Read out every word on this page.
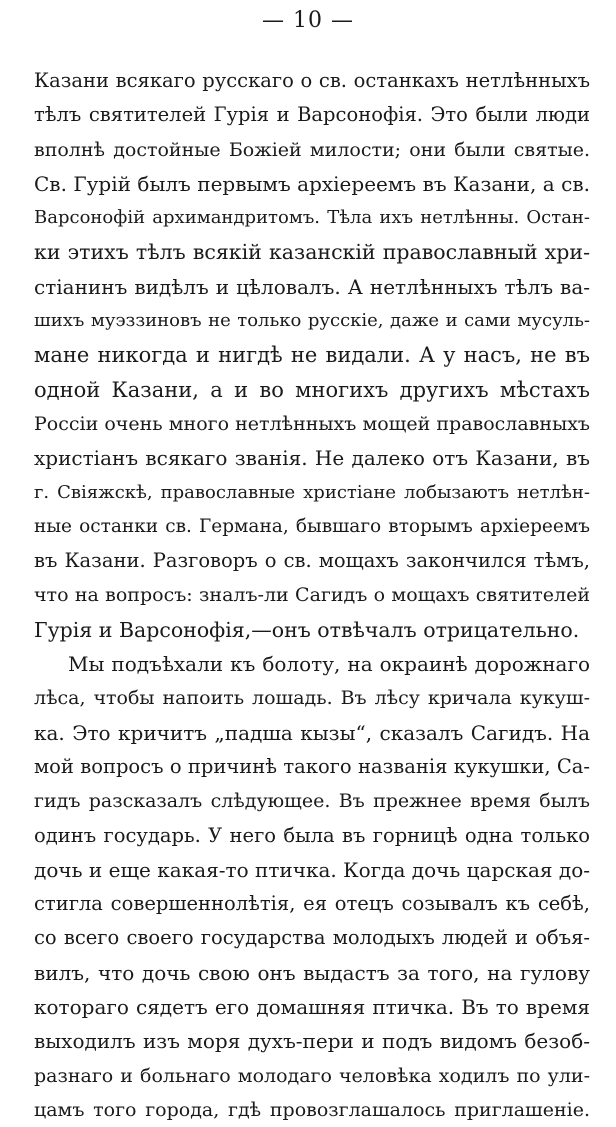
— 10 —
Казани всякаго русскаго о св. останкахъ нетлѣнныхъ
тѣлъ святителей Гурія и Варсонофія. Это были люди
вполнѣ достойные Божіей милости; они были святые.
Св. Гурій былъ первымъ архіереемъ въ Казани, а св.
Варсонофій архимандритомъ. Тѣла ихъ нетлѣнны. Остан-
ки этихъ тѣлъ всякій казанскій православный хри-
стіанинъ видѣлъ и цѣловалъ. А нетлѣнныхъ тѣлъ ва-
шихъ муэззиновъ не только русскіе, даже и сами мусуль-
мане никогда и нигдѣ не видали. А у насъ, не въ
одной Казани, а и во многихъ другихъ мѣстахъ
Россіи очень много нетлѣнныхъ мощей православныхъ
христіанъ всякаго званія. Не далеко отъ Казани, въ
г. Свіяжскѣ, православные христіане лобызаютъ нетлѣн-
ные останки св. Германа, бывшаго вторымъ архіереемъ
въ Казани. Разговоръ о св. мощахъ закончился тѣмъ,
что на вопросъ: зналъ-ли Сагидъ о мощахъ святителей
Гурія и Варсонофія,—онъ отвѣчалъ отрицательно.
Мы подъѣхали къ болоту, на окраинѣ дорожнаго
лѣса, чтобы напоить лошадь. Въ лѣсу кричала кукуш-
ка. Это кричитъ „падша кызы“, сказалъ Сагидъ. На
мой вопросъ о причинѣ такого названія кукушки, Са-
гидъ разсказалъ слѣдующее. Въ прежнее время былъ
одинъ государь. У него была въ горницѣ одна только
дочь и еще какая-то птичка. Когда дочь царская до-
стигла совершеннолѣтія, ея отецъ созывалъ къ себѣ,
со всего своего государства молодыхъ людей и объя-
вилъ, что дочь свою онъ выдастъ за того, на гулову
котораго сядетъ его домашняя птичка. Въ то время
выходилъ изъ моря духъ-пери и подъ видомъ безоб-
разнаго и больнаго молодаго человѣка ходилъ по ули-
цамъ того города, гдѣ провозглашалось приглашеніе.
